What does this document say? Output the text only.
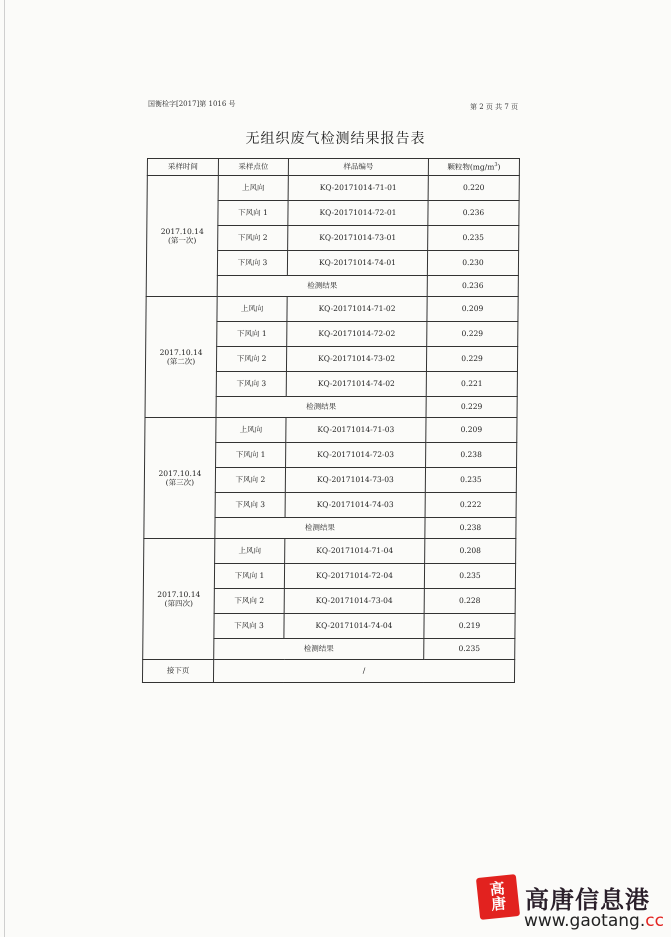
国衡检字[2017]第 1016 号	第 2 页 共 7 页
无组织废气检测结果报告表
采样时间	采样点位	样品编号	颗粒物$(mg/m^3)$
2017.10.14
(第一次)	上风向	KQ-20171014-71-01	0.220
	下风向 1	KQ-20171014-72-01	0.236
	下风向 2	KQ-20171014-73-01	0.235
	下风向 3	KQ-20171014-74-01	0.230
	检测结果		0.236
2017.10.14
(第二次)	上风向	KQ-20171014-71-02	0.209
	下风向 1	KQ-20171014-72-02	0.229
	下风向 2	KQ-20171014-73-02	0.229
	下风向 3	KQ-20171014-74-02	0.221
	检测结果		0.229
2017.10.14
(第三次)	上风向	KQ-20171014-71-03	0.209
	下风向 1	KQ-20171014-72-03	0.238
	下风向 2	KQ-20171014-73-03	0.235
	下风向 3	KQ-20171014-74-03	0.222
	检测结果		0.238
2017.10.14
(第四次)	上风向	KQ-20171014-71-04	0.208
	下风向 1	KQ-20171014-72-04	0.235
	下风向 2	KQ-20171014-73-04	0.228
	下风向 3	KQ-20171014-74-04	0.219
	检测结果		0.235
接下页	/		
高
唐 高唐信息港
www.gaotang.cc
